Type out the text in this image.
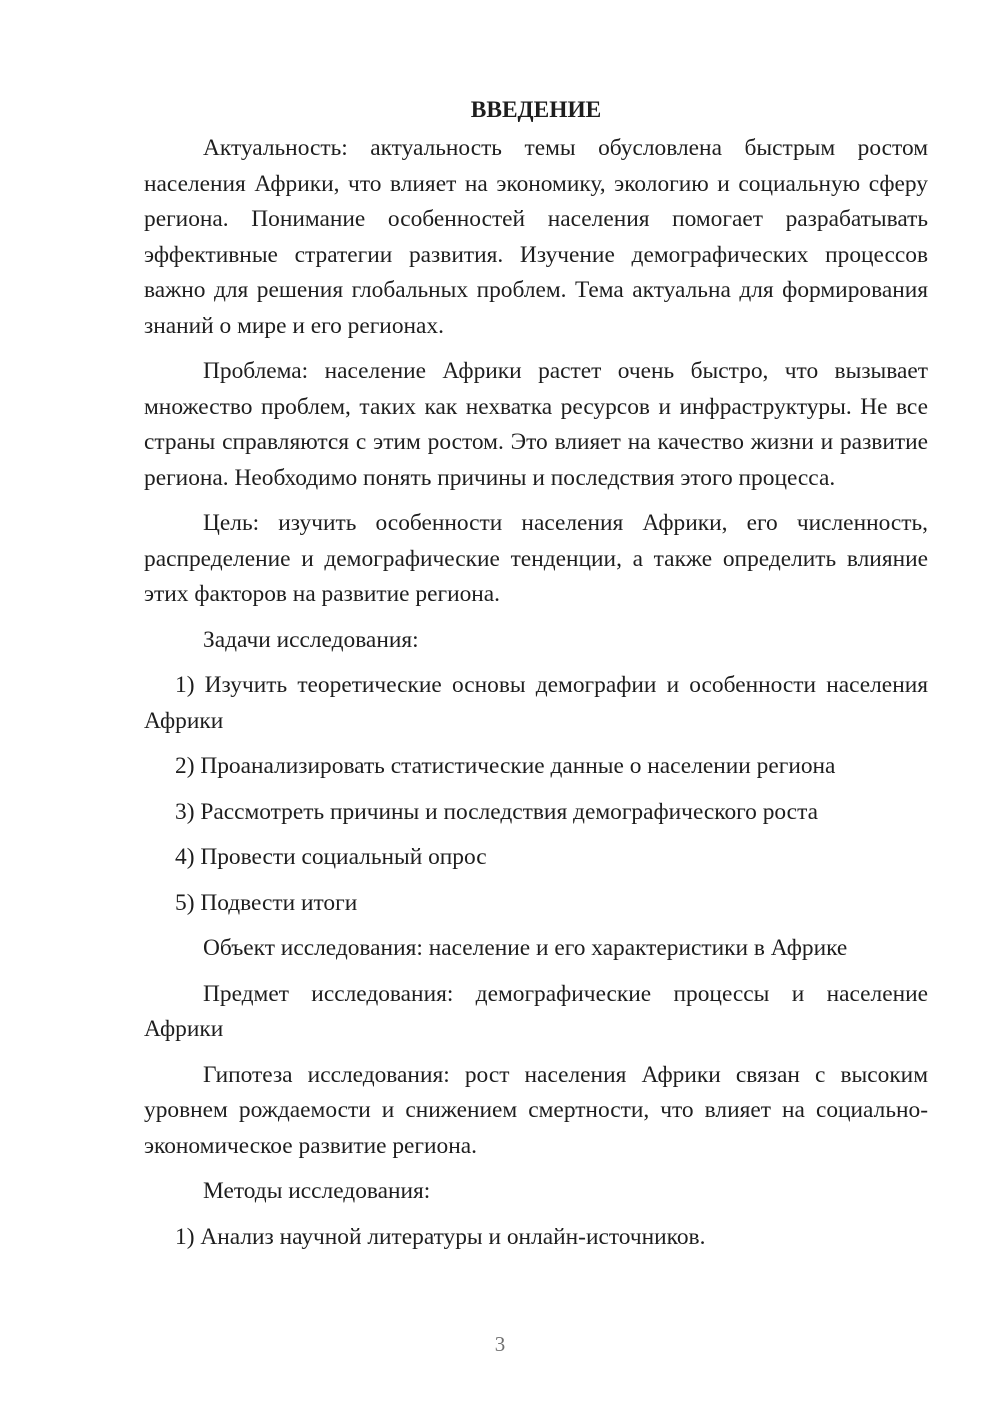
ВВЕДЕНИЕ

Актуальность: актуальность темы обусловлена быстрым ростом населения Африки, что влияет на экономику, экологию и социальную сферу региона. Понимание особенностей населения помогает разрабатывать эффективные стратегии развития. Изучение демографических процессов важно для решения глобальных проблем. Тема актуальна для формирования знаний о мире и его регионах.

Проблема: население Африки растет очень быстро, что вызывает множество проблем, таких как нехватка ресурсов и инфраструктуры. Не все страны справляются с этим ростом. Это влияет на качество жизни и развитие региона. Необходимо понять причины и последствия этого процесса.

Цель: изучить особенности населения Африки, его численность, распределение и демографические тенденции, а также определить влияние этих факторов на развитие региона.

Задачи исследования:

1) Изучить теоретические основы демографии и особенности населения Африки

2) Проанализировать статистические данные о населении региона

3) Рассмотреть причины и последствия демографического роста

4) Провести социальный опрос

5) Подвести итоги

Объект исследования: население и его характеристики в Африке

Предмет исследования: демографические процессы и население Африки

Гипотеза исследования: рост населения Африки связан с высоким уровнем рождаемости и снижением смертности, что влияет на социально-экономическое развитие региона.

Методы исследования:

1) Анализ научной литературы и онлайн-источников.

3
